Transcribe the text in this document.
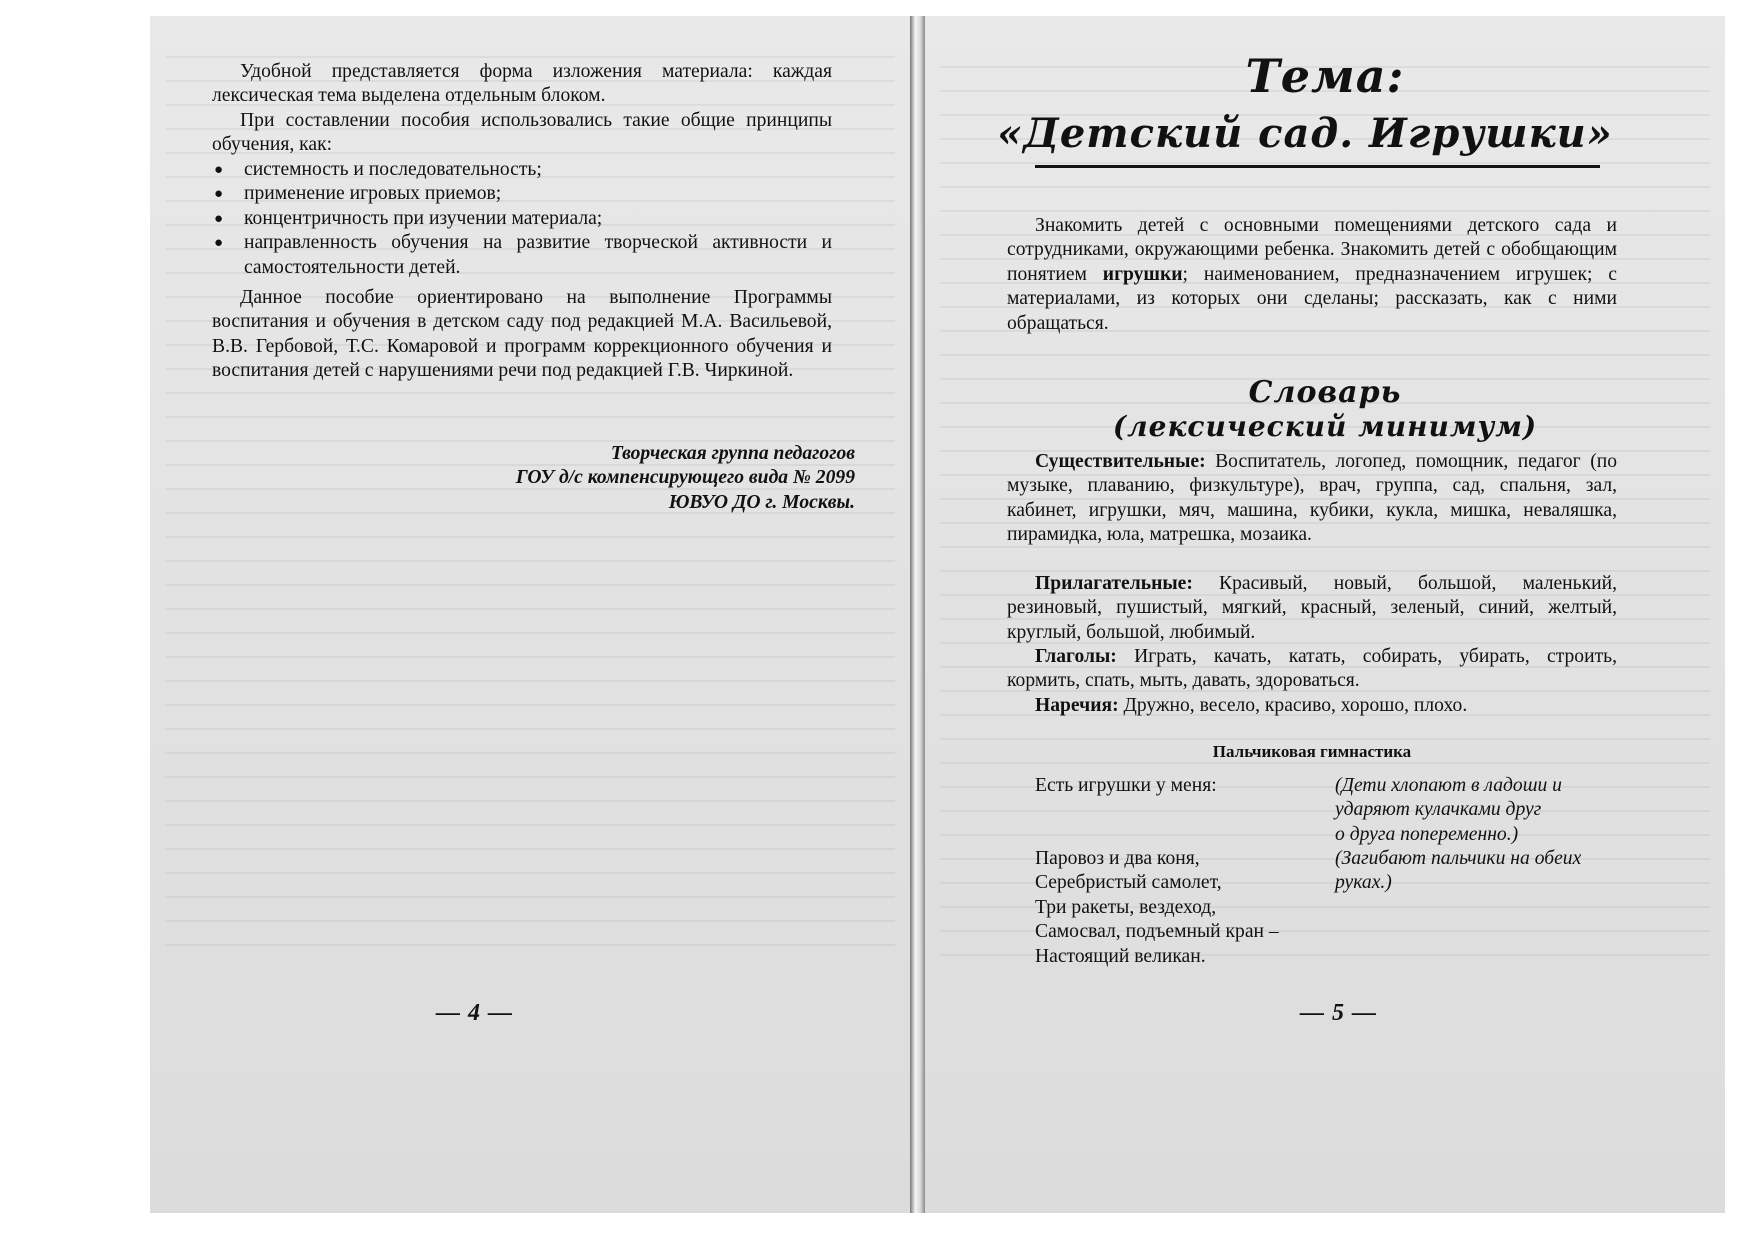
Удобной представляется форма изложения материала: каждая лексическая тема выделена отдельным блоком.
При составлении пособия использовались такие общие принципы обучения, как:
● системность и последовательность;
● применение игровых приемов;
● концентричность при изучении материала;
● направленность обучения на развитие творческой активности и самостоятельности детей.
Данное пособие ориентировано на выполнение Программы воспитания и обучения в детском саду под редакцией М.А. Васильевой, В.В. Гербовой, Т.С. Комаровой и программ коррекционного обучения и воспитания детей с нарушениями речи под редакцией Г.В. Чиркиной.
Творческая группа педагогов
ГОУ д/с компенсирующего вида № 2099
ЮВУО ДО г. Москвы.
— 4 —
Тема:
«Детский сад. Игрушки»
Знакомить детей с основными помещениями детского сада и сотрудниками, окружающими ребенка. Знакомить детей с обобщающим понятием игрушки; наименованием, предназначением игрушек; с материалами, из которых они сделаны; рассказать, как с ними обращаться.
Словарь
(лексический минимум)
Существительные: Воспитатель, логопед, помощник, педагог (по музыке, плаванию, физкультуре), врач, группа, сад, спальня, зал, кабинет, игрушки, мяч, машина, кубики, кукла, мишка, неваляшка, пирамидка, юла, матрешка, мозаика.
Прилагательные: Красивый, новый, большой, маленький, резиновый, пушистый, мягкий, красный, зеленый, синий, желтый, круглый, большой, любимый.
Глаголы: Играть, качать, катать, собирать, убирать, строить, кормить, спать, мыть, давать, здороваться.
Наречия: Дружно, весело, красиво, хорошо, плохо.
Пальчиковая гимнастика
Есть игрушки у меня:	(Дети хлопают в ладоши и
ударяют кулачками друг
о друга попеременно.)
(Загибают пальчики на обеих
руках.)
Паровоз и два коня,
Серебристый самолет,
Три ракеты, вездеход,
Самосвал, подъемный кран –
Настоящий великан.
— 5 —
